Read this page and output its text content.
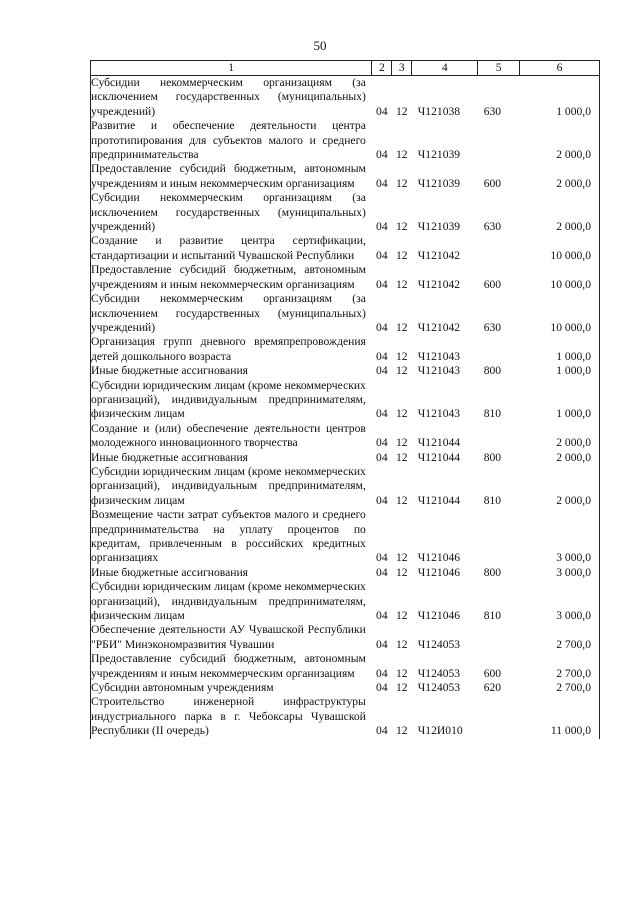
50
1	2	3	4	5	6
Субсидии некоммерческим организациям (за исключением государственных (муниципальных) учреждений)	04	12	Ч121038	630	1 000,0
Развитие и обеспечение деятельности центра прототипирования для субъектов малого и среднего предпринимательства	04	12	Ч121039		2 000,0
Предоставление субсидий бюджетным, автономным учреждениям и иным некоммерческим организациям	04	12	Ч121039	600	2 000,0
Субсидии некоммерческим организациям (за исключением государственных (муниципальных) учреждений)	04	12	Ч121039	630	2 000,0
Создание и развитие центра сертификации, стандартизации и испытаний Чувашской Республики	04	12	Ч121042		10 000,0
Предоставление субсидий бюджетным, автономным учреждениям и иным некоммерческим организациям	04	12	Ч121042	600	10 000,0
Субсидии некоммерческим организациям (за исключением государственных (муниципальных) учреждений)	04	12	Ч121042	630	10 000,0
Организация групп дневного времяпрепровождения детей дошкольного возраста	04	12	Ч121043		1 000,0
Иные бюджетные ассигнования	04	12	Ч121043	800	1 000,0
Субсидии юридическим лицам (кроме некоммерческих организаций), индивидуальным предпринимателям, физическим лицам	04	12	Ч121043	810	1 000,0
Создание и (или) обеспечение деятельности центров молодежного инновационного творчества	04	12	Ч121044		2 000,0
Иные бюджетные ассигнования	04	12	Ч121044	800	2 000,0
Субсидии юридическим лицам (кроме некоммерческих организаций), индивидуальным предпринимателям, физическим лицам	04	12	Ч121044	810	2 000,0
Возмещение части затрат субъектов малого и среднего предпринимательства на уплату процентов по кредитам, привлеченным в российских кредитных организациях	04	12	Ч121046		3 000,0
Иные бюджетные ассигнования	04	12	Ч121046	800	3 000,0
Субсидии юридическим лицам (кроме некоммерческих организаций), индивидуальным предпринимателям, физическим лицам	04	12	Ч121046	810	3 000,0
Обеспечение деятельности АУ Чувашской Республики "РБИ" Минэкономразвития Чувашии	04	12	Ч124053		2 700,0
Предоставление субсидий бюджетным, автономным учреждениям и иным некоммерческим организациям	04	12	Ч124053	600	2 700,0
Субсидии автономным учреждениям	04	12	Ч124053	620	2 700,0
Строительство инженерной инфраструктуры индустриального парка в г. Чебоксары Чувашской Республики (II очередь)	04	12	Ч12И010		11 000,0
